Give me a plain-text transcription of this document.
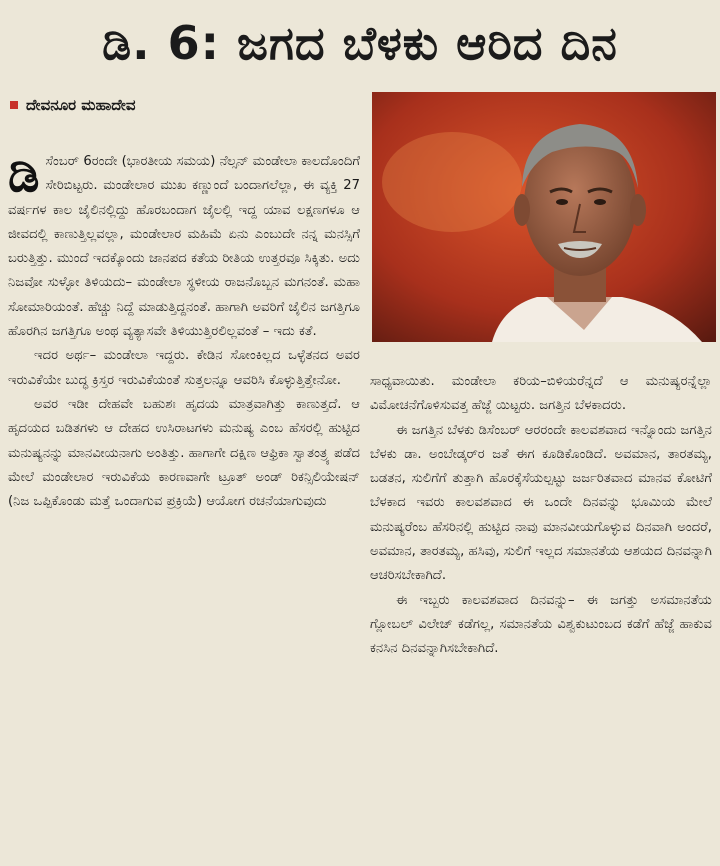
ಡಿ. 6: ಜಗದ ಬೆಳಕು ಆರಿದ ದಿನ
ದೇವನೂರ ಮಹಾದೇವ

ಡಿಸೆಂಬರ್ 6ರಂದೇ (ಭಾರತೀಯ ಸಮಯ) ನೆಲ್ಸನ್ ಮಂಡೇಲಾ ಕಾಲದೊಂದಿಗೆ ಸೇರಿಬಿಟ್ಟರು. ಮಂಡೇಲಾರ ಮುಖ ಕಣ್ಣುಂದೆ ಬಂದಾಗಲೆಲ್ಲಾ, ಈ ವ್ಯಕ್ತಿ 27 ವರ್ಷಗಳ ಕಾಲ ಜೈಲಿನಲ್ಲಿದ್ದು ಹೊರಬಂದಾಗ ಜೈಲಲ್ಲಿ ಇದ್ದ ಯಾವ ಲಕ್ಷಣಗಳೂ ಆ ಜೀವದಲ್ಲಿ ಕಾಣುತ್ತಿಲ್ಲವಲ್ಲಾ, ಮಂಡೇಲಾರ ಮಹಿಮೆ ಏನು ಎಂಬುದೇ ನನ್ನ ಮನಸ್ಸಿಗೆ ಬರುತ್ತಿತ್ತು. ಮುಂದೆ ಇದಕ್ಕೊಂದು ಜಾನಪದ ಕತೆಯ ರೀತಿಯ ಉತ್ತರವೂ ಸಿಕ್ಕಿತು. ಅದು ನಿಜವೋ ಸುಳ್ಳೋ ತಿಳಿಯದು– ಮಂಡೇಲಾ ಸ್ಥಳೀಯ ರಾಜನೊಬ್ಬನ ಮಗನಂತೆ. ಮಹಾ ಸೋಮಾರಿಯಂತೆ. ಹೆಚ್ಚು ನಿದ್ದೆ ಮಾಡುತ್ತಿದ್ದನಂತೆ. ಹಾಗಾಗಿ ಅವರಿಗೆ ಜೈಲಿನ ಜಗತ್ತಿಗೂ ಹೊರಗಿನ ಜಗತ್ತಿಗೂ ಅಂಥ ವ್ಯತ್ಯಾಸವೇ ತಿಳಿಯುತ್ತಿರಲಿಲ್ಲವಂತೆ – ಇದು ಕತೆ.

ಇದರ ಅರ್ಥ– ಮಂಡೇಲಾ ಇದ್ದರು. ಕೇಡಿನ ಸೋಂಕಿಲ್ಲದ ಒಳ್ಳೆತನದ ಅವರ ಇರುವಿಕೆಯೇ ಬುದ್ಧ ಕ್ರಿಸ್ತರ ಇರುವಿಕೆಯಂತೆ ಸುತ್ತಲನ್ನೂ ಆವರಿಸಿ ಕೊಳ್ಳುತ್ತಿತ್ತೇನೋ.

ಅವರ ಇಡೀ ದೇಹವೇ ಬಹುಶಃ ಹೃದಯ ಮಾತ್ರವಾಗಿತ್ತು ಕಾಣುತ್ತದೆ. ಆ ಹೃದಯದ ಬಡಿತಗಳು ಆ ದೇಹದ ಉಸಿರಾಟಗಳು ಮನುಷ್ಯ ಎಂಬ ಹೆಸರಲ್ಲಿ ಹುಟ್ಟಿದ ಮನುಷ್ಯನನ್ನು ಮಾನವೀಯನಾಗು ಅಂತಿತ್ತು. ಹಾಗಾಗೇ ದಕ್ಷಿಣ ಆಫ್ರಿಕಾ ಸ್ವಾತಂತ್ರ್ಯ ಪಡೆದ ಮೇಲೆ ಮಂಡೇಲಾರ ಇರುವಿಕೆಯ ಕಾರಣವಾಗೇ ಟ್ರೂತ್ ಅಂಡ್ ರಿಕನ್ಸಿಲಿಯೇಷನ್ (ನಿಜ ಒಪ್ಪಿಕೊಂಡು ಮತ್ತೆ ಒಂದಾಗುವ ಪ್ರಕ್ರಿಯೆ) ಆಯೋಗ ರಚನೆಯಾಗುವುದು

ಸಾಧ್ಯವಾಯಿತು. ಮಂಡೇಲಾ ಕರಿಯ–ಬಿಳಿಯರೆನ್ನದೆ ಆ ಮನುಷ್ಯರನ್ನೆಲ್ಲಾ ವಿಮೋಚನೆಗೊಳಿಸುವತ್ತ ಹೆಜ್ಜೆ ಯಿಟ್ಟರು. ಜಗತ್ತಿನ ಬೆಳಕಾದರು.

ಈ ಜಗತ್ತಿನ ಬೆಳಕು ಡಿಸೆಂಬರ್ ಆರರಂದೇ ಕಾಲವಶವಾದ ಇನ್ನೊಂದು ಜಗತ್ತಿನ ಬೆಳಕು ಡಾ. ಅಂಬೇಡ್ಕರ್‌ರ ಜತೆ ಈಗ ಕೂಡಿಕೊಂಡಿದೆ. ಅವಮಾನ, ತಾರತಮ್ಯ, ಬಡತನ, ಸುಲಿಗೆಗೆ ತುತ್ತಾಗಿ ಹೊರಕ್ಕೆಸೆಯಲ್ಪಟ್ಟು ಜರ್ಜರಿತವಾದ ಮಾನವ ಕೋಟಿಗೆ ಬೆಳಕಾದ ಇವರು ಕಾಲವಶವಾದ ಈ ಒಂದೇ ದಿನವನ್ನು ಭೂಮಿಯ ಮೇಲೆ ಮನುಷ್ಯರೆಂಬ ಹೆಸರಿನಲ್ಲಿ ಹುಟ್ಟಿದ ನಾವು ಮಾನವೀಯಗೊಳ್ಳುವ ದಿನವಾಗಿ ಅಂದರೆ, ಅವಮಾನ, ತಾರತಮ್ಯ, ಹಸಿವು, ಸುಲಿಗೆ ಇಲ್ಲದ ಸಮಾನತೆಯ ಆಶಯದ ದಿನವನ್ನಾಗಿ ಆಚರಿಸಬೇಕಾಗಿದೆ.

ಈ ಇಬ್ಬರು ಕಾಲವಶವಾದ ದಿನವನ್ನು– ಈ ಜಗತ್ತು ಅಸಮಾನತೆಯ ಗ್ಲೋಬಲ್ ವಿಲೇಜ್ ಕಡೆಗಲ್ಲ, ಸಮಾನತೆಯ ವಿಶ್ವಕುಟುಂಬದ ಕಡೆಗೆ ಹೆಜ್ಜೆ ಹಾಕುವ ಕನಸಿನ ದಿನವನ್ನಾಗಿಸಬೇಕಾಗಿದೆ.
